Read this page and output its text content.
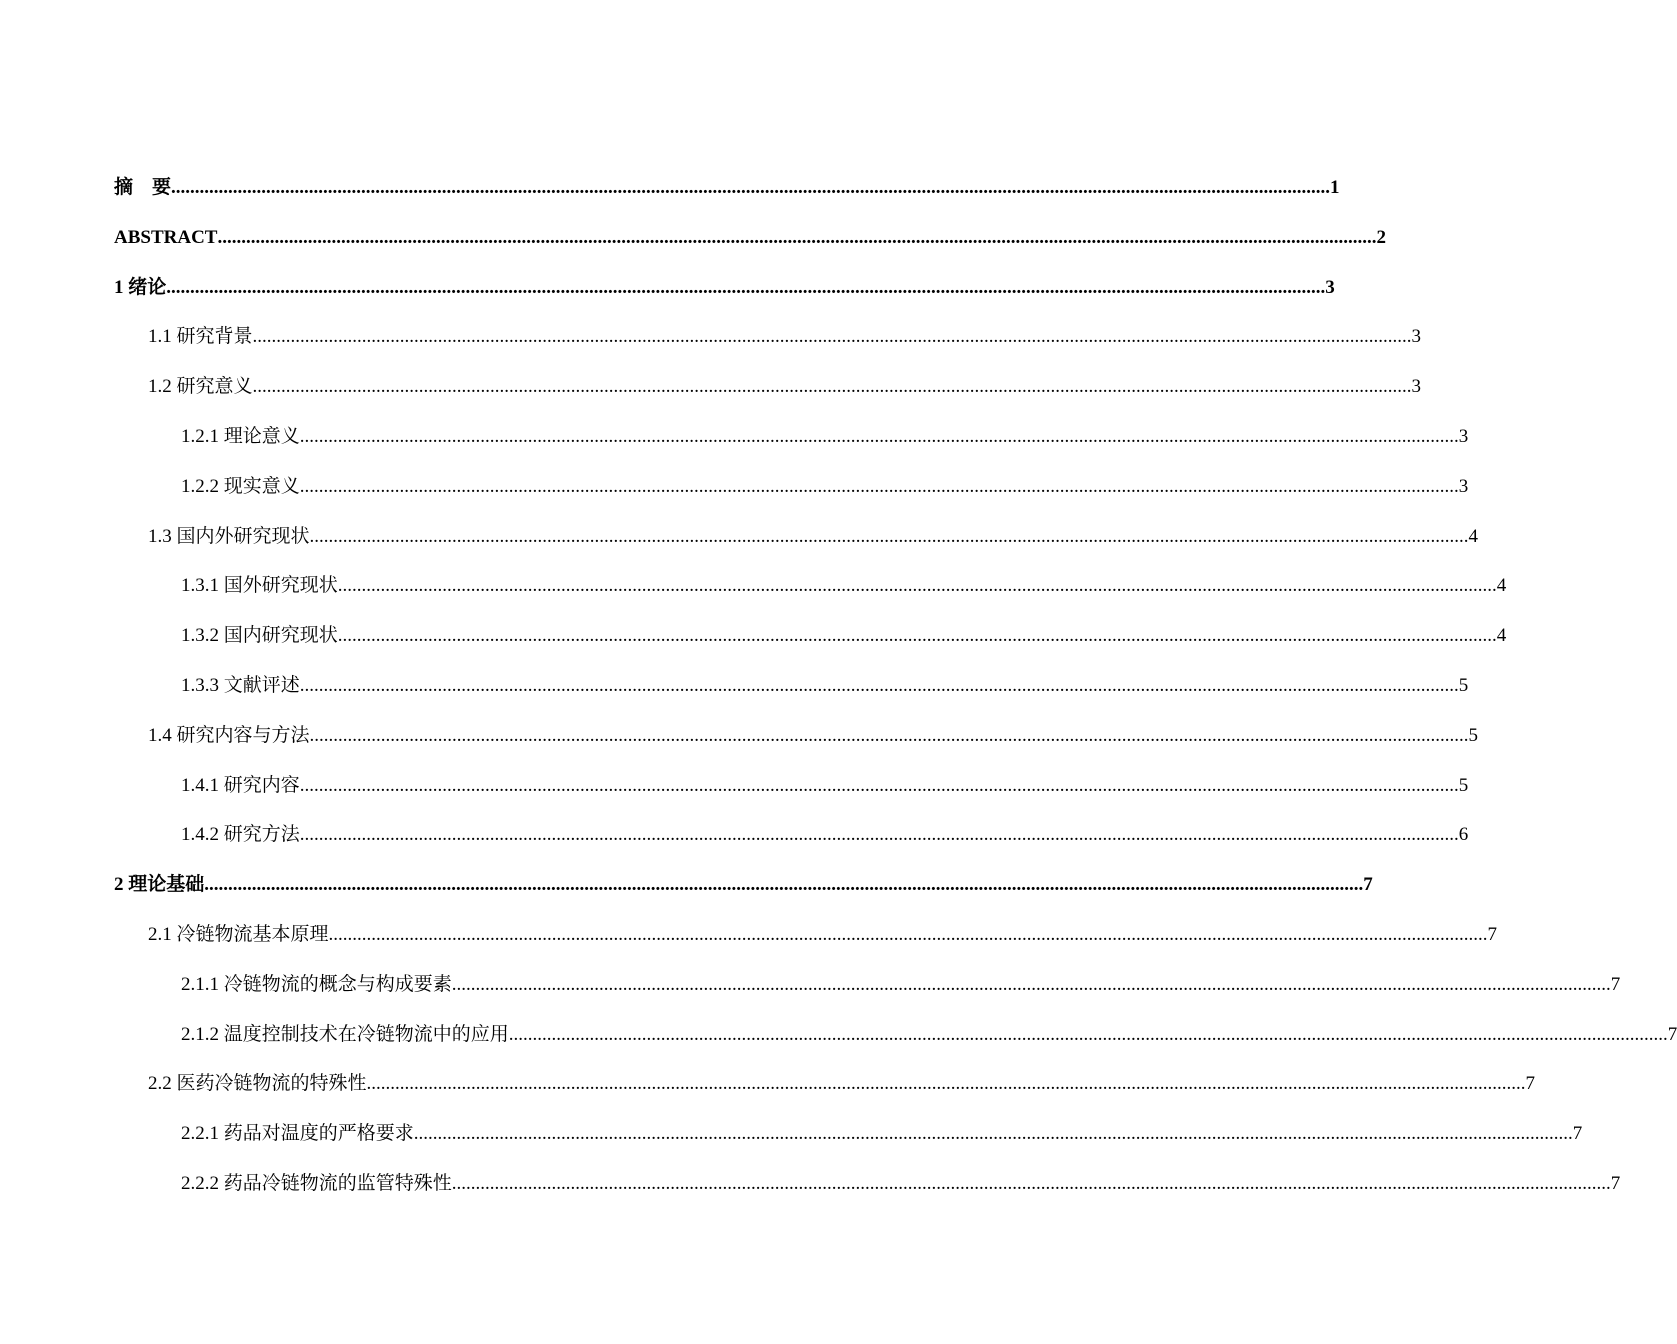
摘　要 .................................................................................................................................................................................................................................................... 1
ABSTRACT .................................................................................................................................................................................................................................................... 2
1 绪论 .................................................................................................................................................................................................................................................... 3
1.1 研究背景 .................................................................................................................................................................................................................................................... 3
1.2 研究意义 .................................................................................................................................................................................................................................................... 3
1.2.1 理论意义 .................................................................................................................................................................................................................................................... 3
1.2.2 现实意义 .................................................................................................................................................................................................................................................... 3
1.3 国内外研究现状 .................................................................................................................................................................................................................................................... 4
1.3.1 国外研究现状 .................................................................................................................................................................................................................................................... 4
1.3.2 国内研究现状 .................................................................................................................................................................................................................................................... 4
1.3.3 文献评述 .................................................................................................................................................................................................................................................... 5
1.4 研究内容与方法 .................................................................................................................................................................................................................................................... 5
1.4.1 研究内容 .................................................................................................................................................................................................................................................... 5
1.4.2 研究方法 .................................................................................................................................................................................................................................................... 6
2 理论基础 .................................................................................................................................................................................................................................................... 7
2.1 冷链物流基本原理 .................................................................................................................................................................................................................................................... 7
2.1.1 冷链物流的概念与构成要素 .................................................................................................................................................................................................................................................... 7
2.1.2 温度控制技术在冷链物流中的应用 .................................................................................................................................................................................................................................................... 7
2.2 医药冷链物流的特殊性 .................................................................................................................................................................................................................................................... 7
2.2.1 药品对温度的严格要求 .................................................................................................................................................................................................................................................... 7
2.2.2 药品冷链物流的监管特殊性 .................................................................................................................................................................................................................................................... 7
